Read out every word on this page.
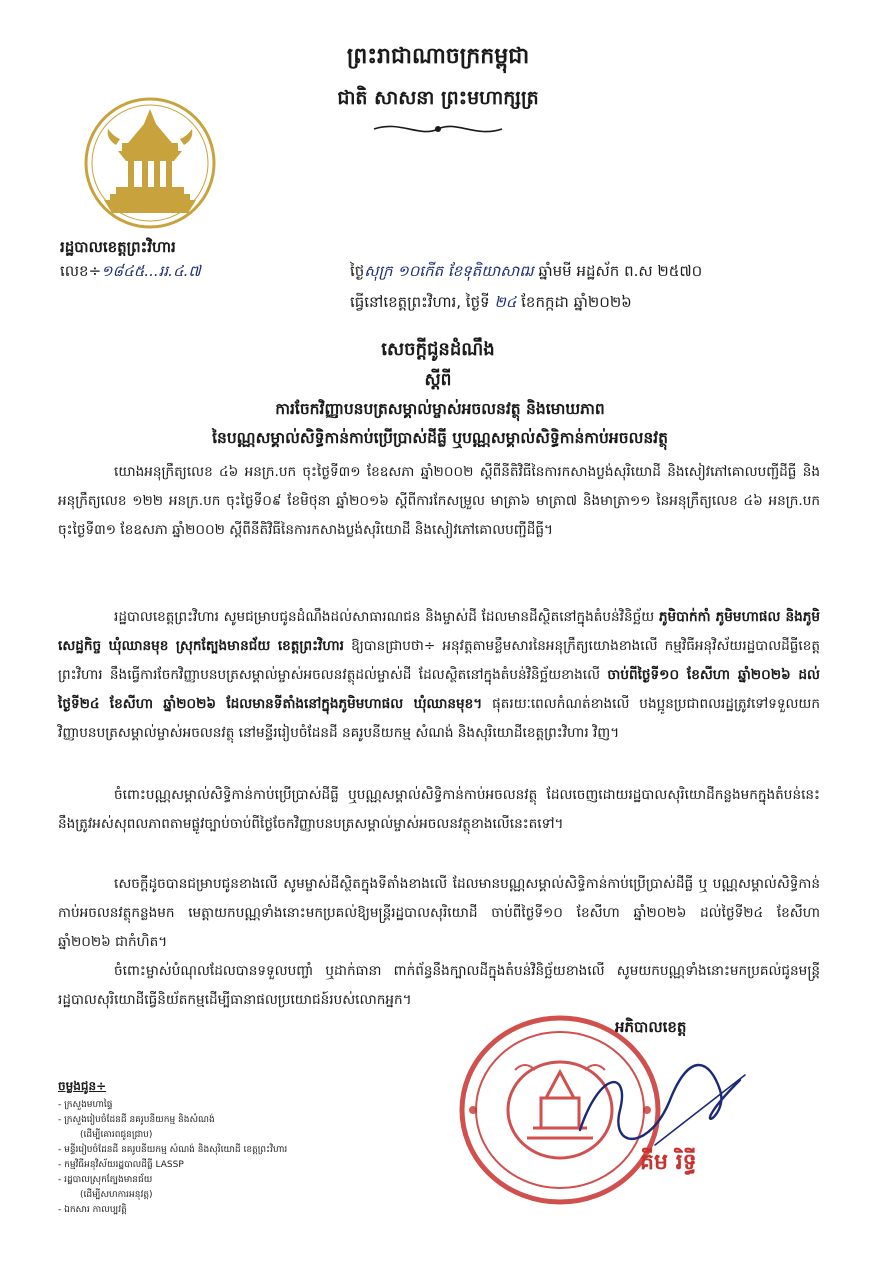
ព្រះរាជាណាចក្រកម្ពុជា

ជាតិ សាសនា ព្រះមហាក្សត្រ

រដ្ឋបាលខេត្តព្រះវិហារ

លេខ÷១៨៤៥...ររ.៤.៧	ថ្ងៃសុក្រ ១០កើត ខែទុតិយាសាឍ ឆ្នាំមមី អដ្ឋស័ក ព.ស ២៥៧០

ធ្វើនៅខេត្តព្រះវិហារ, ថ្ងៃទី ២៤ ខែកក្កដា ឆ្នាំ២០២៦

សេចក្តីជូនដំណឹង

ស្តីពី

ការចែកវិញ្ញាបនបត្រសម្គាល់ម្ចាស់អចលនវត្ថុ និងមោឃភាព

នៃបណ្ណសម្គាល់សិទ្ធិកាន់កាប់ប្រើប្រាស់ដីធ្លី ឬបណ្ណសម្គាល់សិទ្ធិកាន់កាប់អចលនវត្ថុ

យោងអនុក្រឹត្យលេខ ៤៦ អនក្រ.បក ចុះថ្ងៃទី៣១ ខែឧសភា ឆ្នាំ២០០២ ស្តីពីនីតិវិធីនៃការកសាងប្លង់សុរិយោដី និងសៀវភៅគោលបញ្ជីដីធ្លី និងអនុក្រឹត្យលេខ ១២២ អនក្រ.បក ចុះថ្ងៃទី០៩ ខែមិថុនា ឆ្នាំ២០១៦ ស្តីពីការកែសម្រួល មាត្រា៦ មាត្រា៧ និងមាត្រា១១ នៃអនុក្រឹត្យលេខ ៤៦ អនក្រ.បក ចុះថ្ងៃទី៣១ ខែឧសភា ឆ្នាំ២០០២ ស្តីពីនីតិវិធីនៃការកសាងប្លង់សុរិយោដី និងសៀវភៅគោលបញ្ជីដីធ្លី។

រដ្ឋបាលខេត្តព្រះវិហារ សូមជម្រាបជូនដំណឹងដល់សាធារណជន និងម្ចាស់ដី ដែលមានដីស្ថិតនៅក្នុងតំបន់វិនិច្ឆ័យ ភូមិបាក់កាំ ភូមិមហាផល និងភូមិសេដ្ឋកិច្ច ឃុំឈានមុខ ស្រុកត្បែងមានជ័យ ខេត្តព្រះវិហារ ឱ្យបានជ្រាបថា÷ អនុវត្តតាមខ្លឹមសារនៃអនុក្រឹត្យយោងខាងលើ កម្មវិធីអនុវិស័យរដ្ឋបាលដីធ្លីខេត្តព្រះវិហារ នឹងធ្វើការចែកវិញ្ញាបនបត្រសម្គាល់ម្ចាស់អចលនវត្ថុដល់ម្ចាស់ដី ដែលស្ថិតនៅក្នុងតំបន់វិនិច្ឆ័យខាងលើ ចាប់ពីថ្ងៃទី១០ ខែសីហា ឆ្នាំ២០២៦ ដល់ថ្ងៃទី២៤ ខែសីហា ឆ្នាំ២០២៦ ដែលមានទីតាំងនៅក្នុងភូមិមហាផល ឃុំឈានមុខ។ ផុតរយៈពេលកំណត់ខាងលើ បងប្អូនប្រជាពលរដ្ឋត្រូវទៅទទួលយកវិញ្ញាបនបត្រសម្គាល់ម្ចាស់អចលនវត្ថុ នៅមន្ទីររៀបចំដែនដី នគរូបនីយកម្ម សំណង់ និងសុរិយោដីខេត្តព្រះវិហារ វិញ។

ចំពោះបណ្ណសម្គាល់សិទ្ធិកាន់កាប់ប្រើប្រាស់ដីធ្លី ឬបណ្ណសម្គាល់សិទ្ធិកាន់កាប់អចលនវត្ថុ ដែលចេញដោយរដ្ឋបាលសុរិយោដីកន្លងមកក្នុងតំបន់នេះ នឹងត្រូវអស់សុពលភាពតាមផ្លូវច្បាប់ចាប់ពីថ្ងៃចែកវិញ្ញាបនបត្រសម្គាល់ម្ចាស់អចលនវត្ថុខាងលើនេះតទៅ។

សេចក្តីដូចបានជម្រាបជូនខាងលើ សូមម្ចាស់ដីស្ថិតក្នុងទីតាំងខាងលើ ដែលមានបណ្ណសម្គាល់សិទ្ធិកាន់កាប់ប្រើប្រាស់ដីធ្លី ឬ បណ្ណសម្គាល់សិទ្ធិកាន់កាប់អចលនវត្ថុកន្លងមក មេត្តាយកបណ្ណទាំងនោះមកប្រគល់ឱ្យមន្ត្រីរដ្ឋបាលសុរិយោដី ចាប់ពីថ្ងៃទី១០ ខែសីហា ឆ្នាំ២០២៦ ដល់ថ្ងៃទី២៤ ខែសីហា ឆ្នាំ២០២៦ ជាកំហិត។

ចំពោះម្ចាស់បំណុលដែលបានទទួលបញ្ចាំ ឬដាក់ធានា ពាក់ព័ន្ធនឹងក្បាលដីក្នុងតំបន់វិនិច្ឆ័យខាងលើ សូមយកបណ្ណទាំងនោះមកប្រគល់ជូនមន្ត្រីរដ្ឋបាលសុរិយោដីធ្វើនិយ័តកម្មដើម្បីធានាផលប្រយោជន៍របស់លោកអ្នក។

អភិបាលខេត្ត

គីម រិទ្ធី

ចម្លងជូន÷

- ក្រសួងមហាផ្ទៃ
- ក្រសួងរៀបចំដែនដី នគរូបនីយកម្ម និងសំណង់
(ដើម្បីគោរពជូនជ្រាប)
- មន្ទីររៀបចំដែនដី នគរូបនីយកម្ម សំណង់ និងសុរិយោដី ខេត្តព្រះវិហារ
- កម្មវិធីអនុវិស័យរដ្ឋបាលដីធ្លី LASSP
- រដ្ឋបាលស្រុកត្បែងមានជ័យ
(ដើម្បីសហការអនុវត្ត)
- ឯកសារ កាលប្បវត្តិ
